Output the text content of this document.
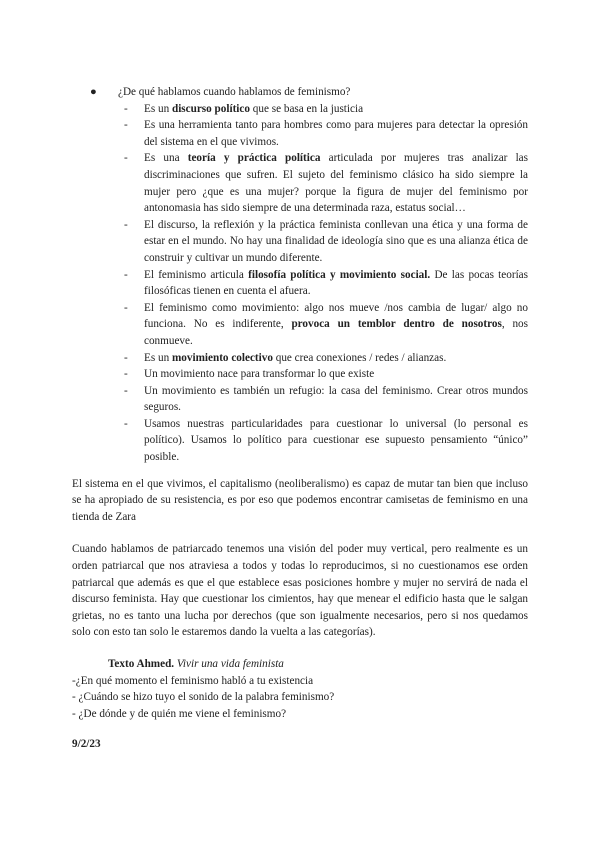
● ¿De qué hablamos cuando hablamos de feminismo?
- Es un discurso político que se basa en la justicia
- Es una herramienta tanto para hombres como para mujeres para detectar la opresión del sistema en el que vivimos.
- Es una teoría y práctica política articulada por mujeres tras analizar las discriminaciones que sufren. El sujeto del feminismo clásico ha sido siempre la mujer pero ¿que es una mujer? porque la figura de mujer del feminismo por antonomasia has sido siempre de una determinada raza, estatus social…
- El discurso, la reflexión y la práctica feminista conllevan una ética y una forma de estar en el mundo. No hay una finalidad de ideología sino que es una alianza ética de construir y cultivar un mundo diferente.
- El feminismo articula filosofía política y movimiento social. De las pocas teorías filosóficas tienen en cuenta el afuera.
- El feminismo como movimiento: algo nos mueve /nos cambia de lugar/ algo no funciona. No es indiferente, provoca un temblor dentro de nosotros, nos conmueve.
- Es un movimiento colectivo que crea conexiones / redes / alianzas.
- Un movimiento nace para transformar lo que existe
- Un movimiento es también un refugio: la casa del feminismo. Crear otros mundos seguros.
- Usamos nuestras particularidades para cuestionar lo universal (lo personal es político). Usamos lo político para cuestionar ese supuesto pensamiento “único” posible.

El sistema en el que vivimos, el capitalismo (neoliberalismo) es capaz de mutar tan bien que incluso se ha apropiado de su resistencia, es por eso que podemos encontrar camisetas de feminismo en una tienda de Zara

Cuando hablamos de patriarcado tenemos una visión del poder muy vertical, pero realmente es un orden patriarcal que nos atraviesa a todos y todas lo reproducimos, si no cuestionamos ese orden patriarcal que además es que el que establece esas posiciones hombre y mujer no servirá de nada el discurso feminista. Hay que cuestionar los cimientos, hay que menear el edificio hasta que le salgan grietas, no es tanto una lucha por derechos (que son igualmente necesarios, pero si nos quedamos solo con esto tan solo le estaremos dando la vuelta a las categorías).

Texto Ahmed. Vivir una vida feminista
-¿En qué momento el feminismo habló a tu existencia
- ¿Cuándo se hizo tuyo el sonido de la palabra feminismo?
- ¿De dónde y de quién me viene el feminismo?
9/2/23
